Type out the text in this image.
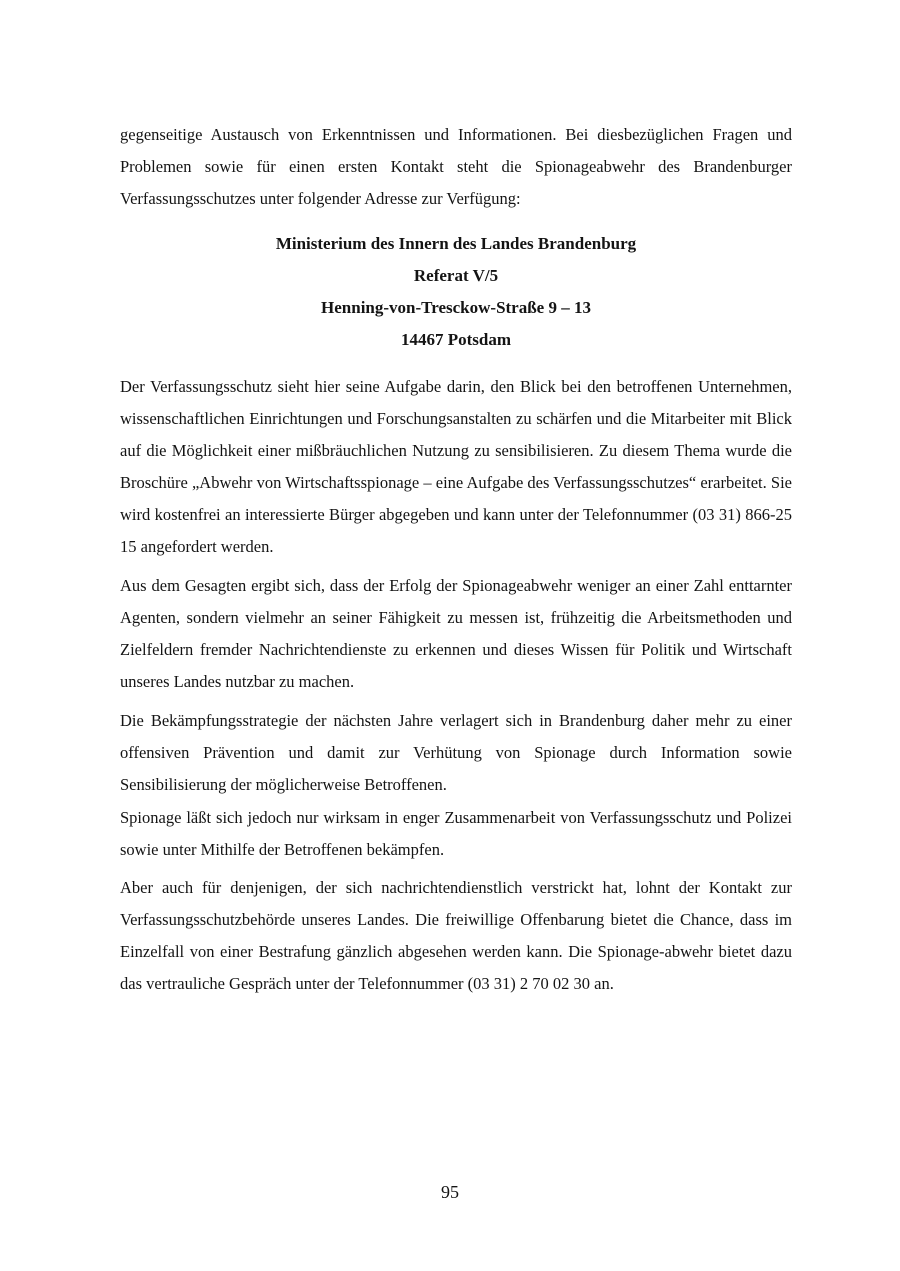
gegenseitige Austausch von Erkenntnissen und Informationen. Bei diesbezüglichen Fragen und Problemen sowie für einen ersten Kontakt steht die Spionageabwehr des Brandenburger Verfassungsschutzes unter folgender Adresse zur Verfügung:

Ministerium des Innern des Landes Brandenburg
Referat V/5
Henning-von-Tresckow-Straße 9 – 13
14467 Potsdam

Der Verfassungsschutz sieht hier seine Aufgabe darin, den Blick bei den betroffenen Unternehmen, wissenschaftlichen Einrichtungen und Forschungsanstalten zu schärfen und die Mitarbeiter mit Blick auf die Möglichkeit einer mißbräuchlichen Nutzung zu sensibilisieren. Zu diesem Thema wurde die Broschüre „Abwehr von Wirtschaftsspionage – eine Aufgabe des Verfassungsschutzes“ erarbeitet. Sie wird kostenfrei an interessierte Bürger abgegeben und kann unter der Telefonnummer (03 31) 866-25 15 angefordert werden.

Aus dem Gesagten ergibt sich, dass der Erfolg der Spionageabwehr weniger an einer Zahl enttarnter Agenten, sondern vielmehr an seiner Fähigkeit zu messen ist, frühzeitig die Arbeitsmethoden und Zielfeldern fremder Nachrichtendienste zu erkennen und dieses Wissen für Politik und Wirtschaft unseres Landes nutzbar zu machen.

Die Bekämpfungsstrategie der nächsten Jahre verlagert sich in Brandenburg daher mehr zu einer offensiven Prävention und damit zur Verhütung von Spionage durch Information sowie Sensibilisierung der möglicherweise Betroffenen.

Spionage läßt sich jedoch nur wirksam in enger Zusammenarbeit von Verfassungsschutz und Polizei sowie unter Mithilfe der Betroffenen bekämpfen.

Aber auch für denjenigen, der sich nachrichtendienstlich verstrickt hat, lohnt der Kontakt zur Verfassungsschutzbehörde unseres Landes. Die freiwillige Offenbarung bietet die Chance, dass im Einzelfall von einer Bestrafung gänzlich abgesehen werden kann. Die Spionage-abwehr bietet dazu das vertrauliche Gespräch unter der Telefonnummer (03 31) 2 70 02 30 an.

95
